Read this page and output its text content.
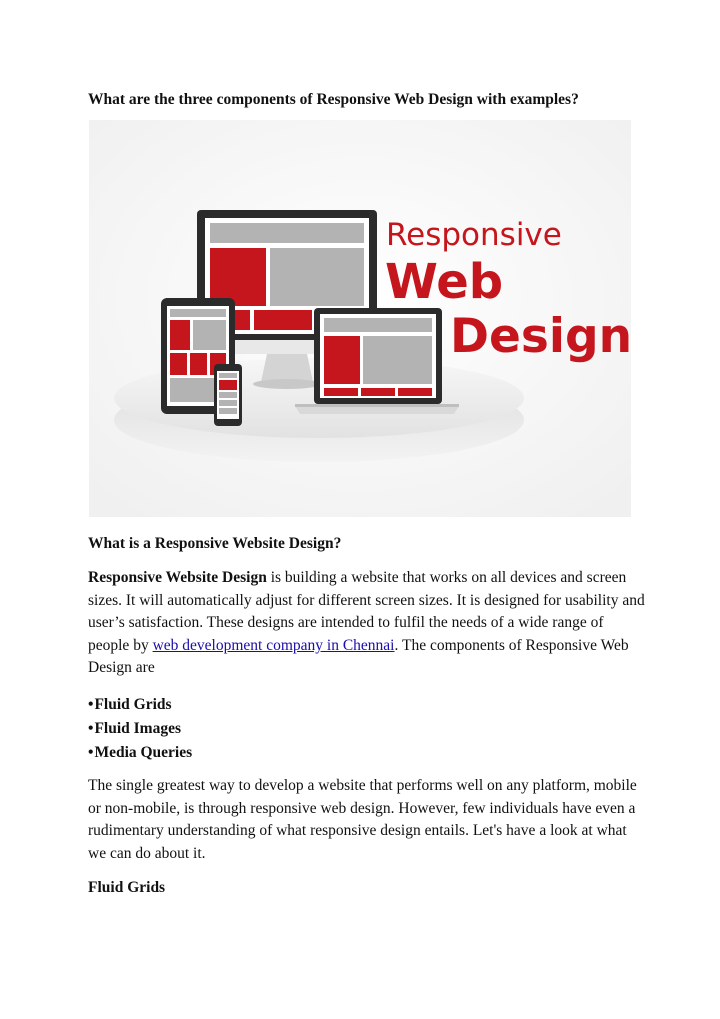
What are the three components of Responsive Web Design with examples?
Responsive
Web
Design
What is a Responsive Website Design?

Responsive Website Design is building a website that works on all devices and screen sizes. It will automatically adjust for different screen sizes. It is designed for usability and user’s satisfaction. These designs are intended to fulfil the needs of a wide range of people by web development company in Chennai. The components of Responsive Web Design are

•Fluid Grids
•Fluid Images
•Media Queries

The single greatest way to develop a website that performs well on any platform, mobile or non-mobile, is through responsive web design. However, few individuals have even a rudimentary understanding of what responsive design entails. Let's have a look at what we can do about it.

Fluid Grids
